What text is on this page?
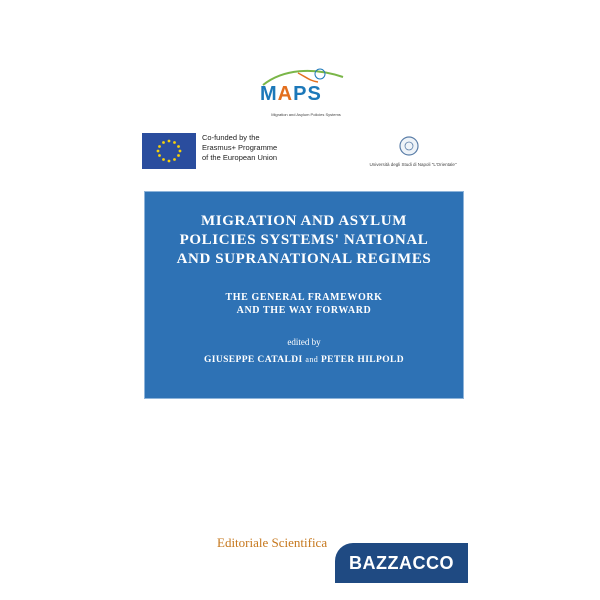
MAPS
Migration and Asylum Policies Systems
Co-funded by the
Erasmus+ Programme
of the European Union
Università degli Studi di Napoli "L'Orientale"
MIGRATION AND ASYLUM
POLICIES SYSTEMS' NATIONAL
AND SUPRANATIONAL REGIMES
THE GENERAL FRAMEWORK
AND THE WAY FORWARD
edited by
GIUSEPPE CATALDI and PETER HILPOLD
Editoriale Scientifica
BAZZACCO
